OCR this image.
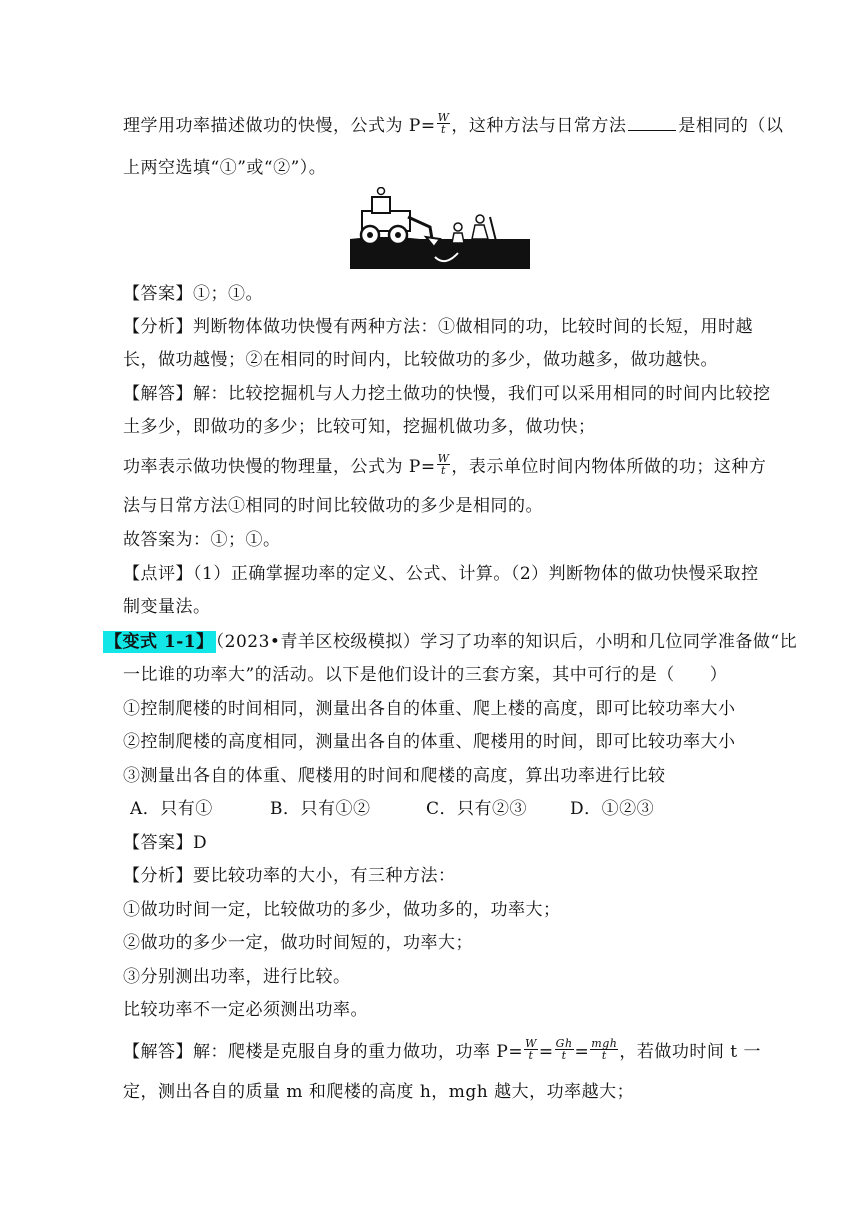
理学用功率描述做功的快慢，公式为 $P= \frac{W}{t}$ ，这种方法与日常方法	是相同的（以
上两空选填“①”或“②”）。
【答案】①；①。
【分析】判断物体做功快慢有两种方法：①做相同的功，比较时间的长短，用时越
长，做功越慢；②在相同的时间内，比较做功的多少，做功越多，做功越快。
【解答】解：比较挖掘机与人力挖土做功的快慢，我们可以采用相同的时间内比较挖
土多少，即做功的多少；比较可知，挖掘机做功多，做功快；
功率表示做功快慢的物理量，公式为 $P= \frac{W}{t}$ ，表示单位时间内物体所做的功；这种方
法与日常方法①相同的时间比较做功的多少是相同的。
故答案为：①；①。
【点评】（1）正确掌握功率的定义、公式、计算。（2）判断物体的做功快慢采取控
制变量法。
【变式 1-1】 （2023•青羊区校级模拟）学习了功率的知识后，小明和几位同学准备做“比
一比谁的功率大”的活动。以下是他们设计的三套方案，其中可行的是（　　）
①控制爬楼的时间相同，测量出各自的体重、爬上楼的高度，即可比较功率大小
②控制爬楼的高度相同，测量出各自的体重、爬楼用的时间，即可比较功率大小
③测量出各自的体重、爬楼用的时间和爬楼的高度，算出功率进行比较
A．只有①	B．只有①②	C．只有②③	D．①②③
【答案】D
【分析】要比较功率的大小，有三种方法：
①做功时间一定，比较做功的多少，做功多的，功率大；
②做功的多少一定，做功时间短的，功率大；
③分别测出功率，进行比较。
比较功率不一定必须测出功率。
【解答】解：爬楼是克服自身的重力做功，功率 $P= \frac{W}{t} = \frac{Gh}{t} = \frac{\text{mgh}}{t}$ ，若做功时间 t 一
定，测出各自的质量 m 和爬楼的高度 h，mgh 越大，功率越大；
